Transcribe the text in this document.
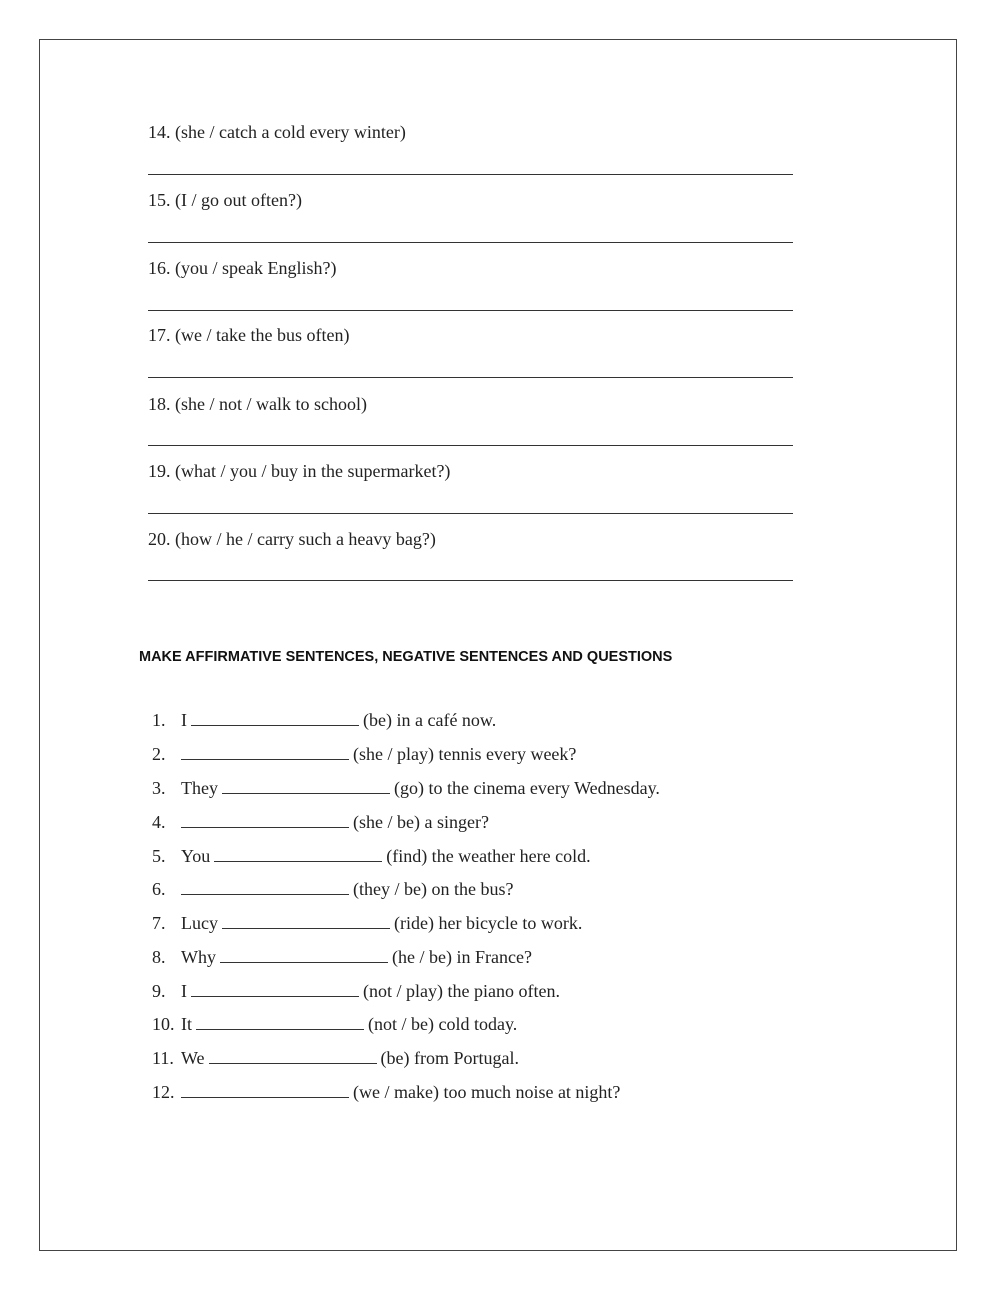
14. (she / catch a cold every winter)
15. (I / go out often?)
16. (you / speak English?)
17. (we / take the bus often)
18. (she / not / walk to school)
19. (what / you / buy in the supermarket?)
20. (how / he / carry such a heavy bag?)
MAKE AFFIRMATIVE SENTENCES, NEGATIVE SENTENCES AND QUESTIONS
1. I	(be) in a café now.
2.	(she / play) tennis every week?
3. They	(go) to the cinema every Wednesday.
4.	(she / be) a singer?
5. You	(find) the weather here cold.
6.	(they / be) on the bus?
7. Lucy	(ride) her bicycle to work.
8. Why	(he / be) in France?
9. I	(not / play) the piano often.
10. It	(not / be) cold today.
11. We	(be) from Portugal.
12.	(we / make) too much noise at night?
